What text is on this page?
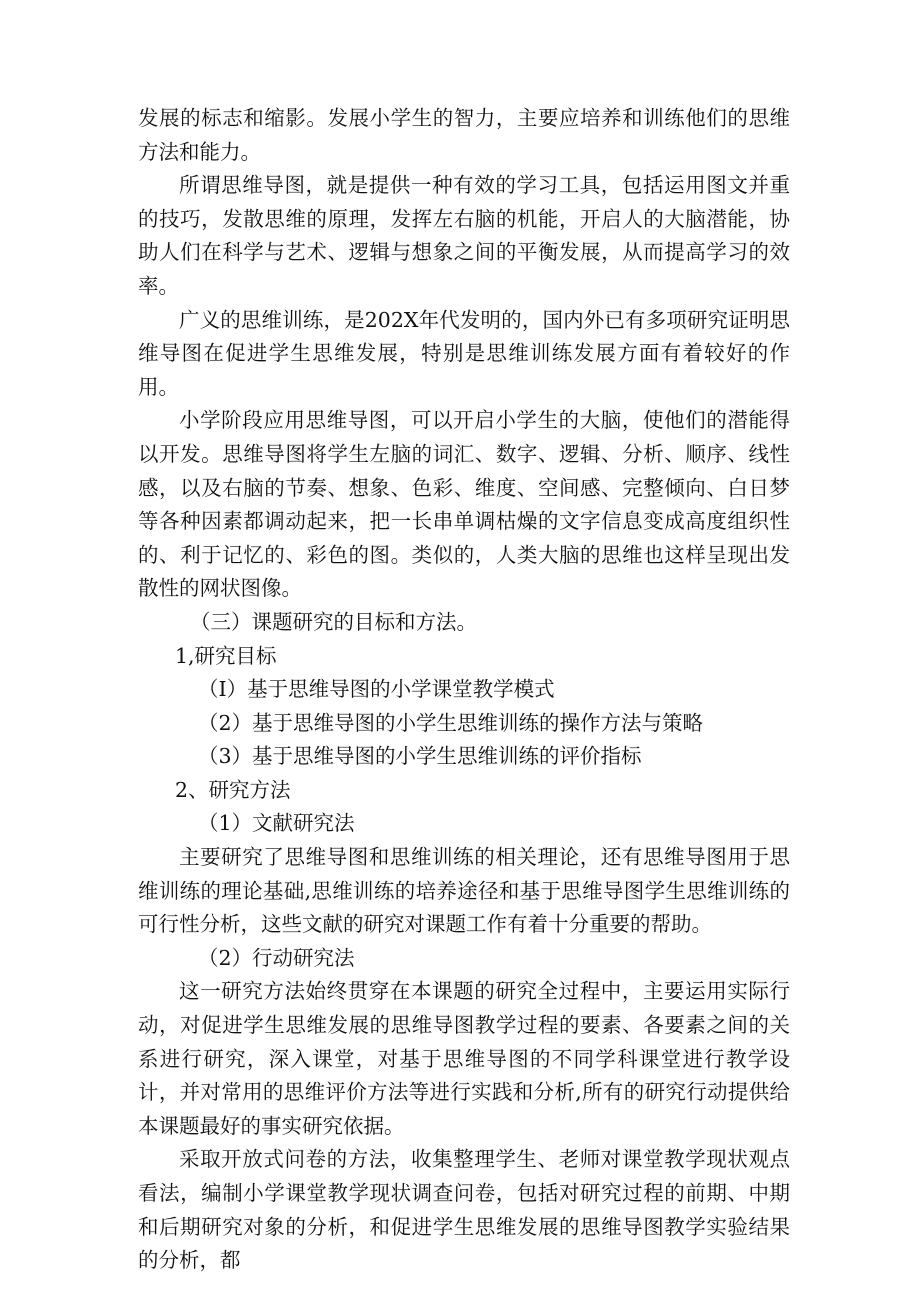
发展的标志和缩影。发展小学生的智力，主要应培养和训练他们的思维方法和能力。

所谓思维导图，就是提供一种有效的学习工具，包括运用图文并重的技巧，发散思维的原理，发挥左右脑的机能，开启人的大脑潜能，协助人们在科学与艺术、逻辑与想象之间的平衡发展，从而提高学习的效率。

广义的思维训练，是202X年代发明的，国内外已有多项研究证明思维导图在促进学生思维发展，特别是思维训练发展方面有着较好的作用。

小学阶段应用思维导图，可以开启小学生的大脑，使他们的潜能得以开发。思维导图将学生左脑的词汇、数字、逻辑、分析、顺序、线性感，以及右脑的节奏、想象、色彩、维度、空间感、完整倾向、白日梦等各种因素都调动起来，把一长串单调枯燥的文字信息变成高度组织性的、利于记忆的、彩色的图。类似的，人类大脑的思维也这样呈现出发散性的网状图像。

（三）课题研究的目标和方法。

1,研究目标

（I）基于思维导图的小学课堂教学模式

（2）基于思维导图的小学生思维训练的操作方法与策略

（3）基于思维导图的小学生思维训练的评价指标

2、研究方法

（1）文献研究法

主要研究了思维导图和思维训练的相关理论，还有思维导图用于思维训练的理论基础,思维训练的培养途径和基于思维导图学生思维训练的可行性分析，这些文献的研究对课题工作有着十分重要的帮助。

（2）行动研究法

这一研究方法始终贯穿在本课题的研究全过程中，主要运用实际行动，对促进学生思维发展的思维导图教学过程的要素、各要素之间的关系进行研究，深入课堂，对基于思维导图的不同学科课堂进行教学设计，并对常用的思维评价方法等进行实践和分析,所有的研究行动提供给本课题最好的事实研究依据。

采取开放式问卷的方法，收集整理学生、老师对课堂教学现状观点看法，编制小学课堂教学现状调查问卷，包括对研究过程的前期、中期和后期研究对象的分析，和促进学生思维发展的思维导图教学实验结果的分析，都
